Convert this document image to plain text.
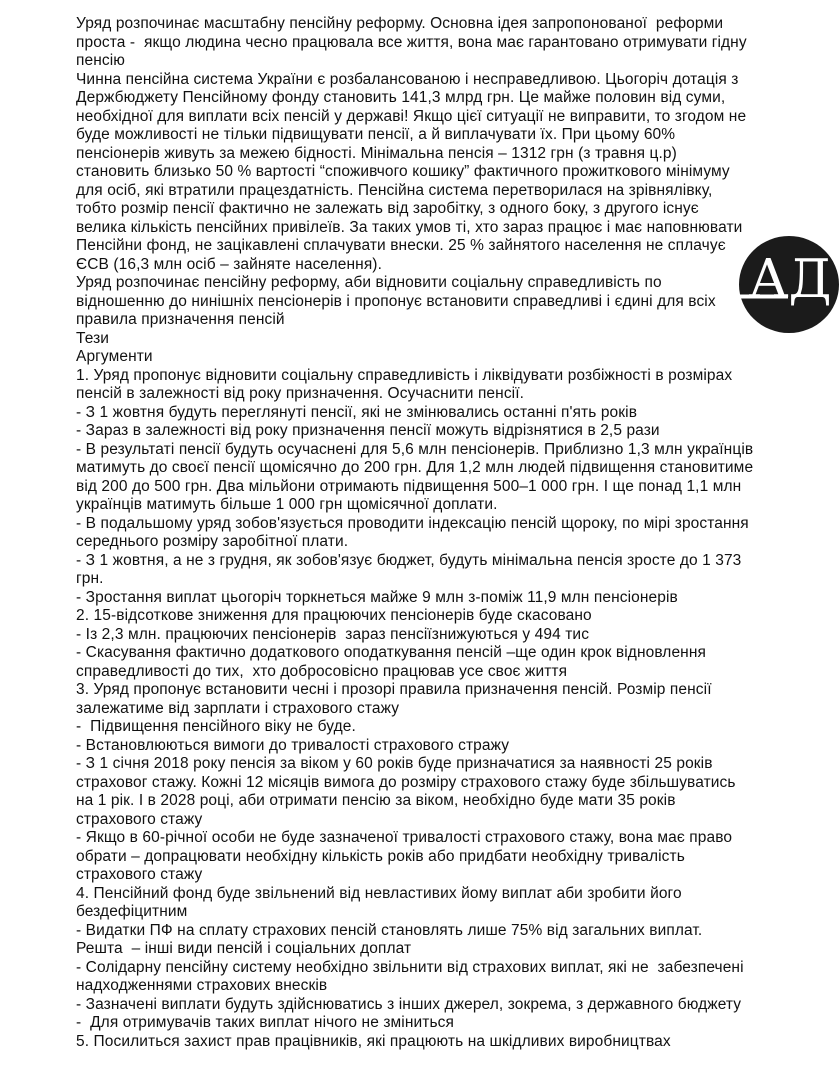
Уряд розпочинає масштабну пенсійну реформу. Основна ідея запропонованої  реформи
проста -  якщо людина чесно працювала все життя, вона має гарантовано отримувати гідну
пенсію
Чинна пенсійна система України є розбалансованою і несправедливою. Цьогоріч дотація з
Держбюджету Пенсійному фонду становить 141,3 млрд грн. Це майже половин від суми,
необхідної для виплати всіх пенсій у державі! Якщо цієї ситуації не виправити, то згодом не
буде можливості не тільки підвищувати пенсії, а й виплачувати їх. При цьому 60%
пенсіонерів живуть за межею бідності. Мінімальна пенсія – 1312 грн (з травня ц.р)
становить близько 50 % вартості “споживчого кошику” фактичного прожиткового мінімуму
для осіб, які втратили працездатність. Пенсійна система перетворилася на зрівнялівку,
тобто розмір пенсії фактично не залежать від заробітку, з одного боку, з другого існує
велика кількість пенсійних привілеїв. За таких умов ті, хто зараз працює і має наповнювати
Пенсійни фонд, не зацікавлені сплачувати внески. 25 % зайнятого населення не сплачує
ЄСВ (16,3 млн осіб – зайняте населення).
Уряд розпочинає пенсійну реформу, аби відновити соціальну справедливість по
відношенню до нинішніх пенсіонерів і пропонує встановити справедливі і єдині для всіх
правила призначення пенсій
Тези
Аргументи
1. Уряд пропонує відновити соціальну справедливість і ліквідувати розбіжності в розмірах
пенсій в залежності від року призначення. Осучаснити пенсії.
- З 1 жовтня будуть переглянуті пенсії, які не змінювались останні п'ять років
- Зараз в залежності від року призначення пенсії можуть відрізнятися в 2,5 рази
- В результаті пенсії будуть осучаснені для 5,6 млн пенсіонерів. Приблизно 1,3 млн українців
матимуть до своєї пенсії щомісячно до 200 грн. Для 1,2 млн людей підвищення становитиме
від 200 до 500 грн. Два мільйони отримають підвищення 500–1 000 грн. І ще понад 1,1 млн
українців матимуть більше 1 000 грн щомісячної доплати.
- В подальшому уряд зобов'язується проводити індексацію пенсій щороку, по мірі зростання
середнього розміру заробітної плати.
- З 1 жовтня, а не з грудня, як зобов'язує бюджет, будуть мінімальна пенсія зросте до 1 373
грн.
- Зростання виплат цьогоріч торкнеться майже 9 млн з-поміж 11,9 млн пенсіонерів
2. 15-відсоткове зниження для працюючих пенсіонерів буде скасовано
- Із 2,3 млн. працюючих пенсіонерів  зараз пенсіїзнижуються у 494 тис
- Скасування фактично додаткового оподаткування пенсій –ще один крок відновлення
справедливості до тих,  хто добросовісно працював усе своє життя
3. Уряд пропонує встановити чесні і прозорі правила призначення пенсій. Розмір пенсії
залежатиме від зарплати і страхового стажу
-  Підвищення пенсійного віку не буде.
- Встановлюються вимоги до тривалості страхового стражу
- З 1 січня 2018 року пенсія за віком у 60 років буде призначатися за наявності 25 років
страховог стажу. Кожні 12 місяців вимога до розміру страхового стажу буде збільшуватись
на 1 рік. І в 2028 році, аби отримати пенсію за віком, необхідно буде мати 35 років
страхового стажу
- Якщо в 60-річної особи не буде зазначеної тривалості страхового стажу, вона має право
обрати – допрацювати необхідну кількість років або придбати необхідну тривалість
страхового стажу
4. Пенсійний фонд буде звільнений від невластивих йому виплат аби зробити його
бездефіцитним
- Видатки ПФ на сплату страхових пенсій становлять лише 75% від загальних виплат.
Решта  – інші види пенсій і соціальних доплат
- Солідарну пенсійну систему необхідно звільнити від страхових виплат, які не  забезпечені
надходженнями страхових внесків
- Зазначені виплати будуть здійснюватись з інших джерел, зокрема, з державного бюджету
-  Для отримувачів таких виплат нічого не зміниться
5. Посилиться захист прав працівників, які працюють на шкідливих виробництвах
АД
